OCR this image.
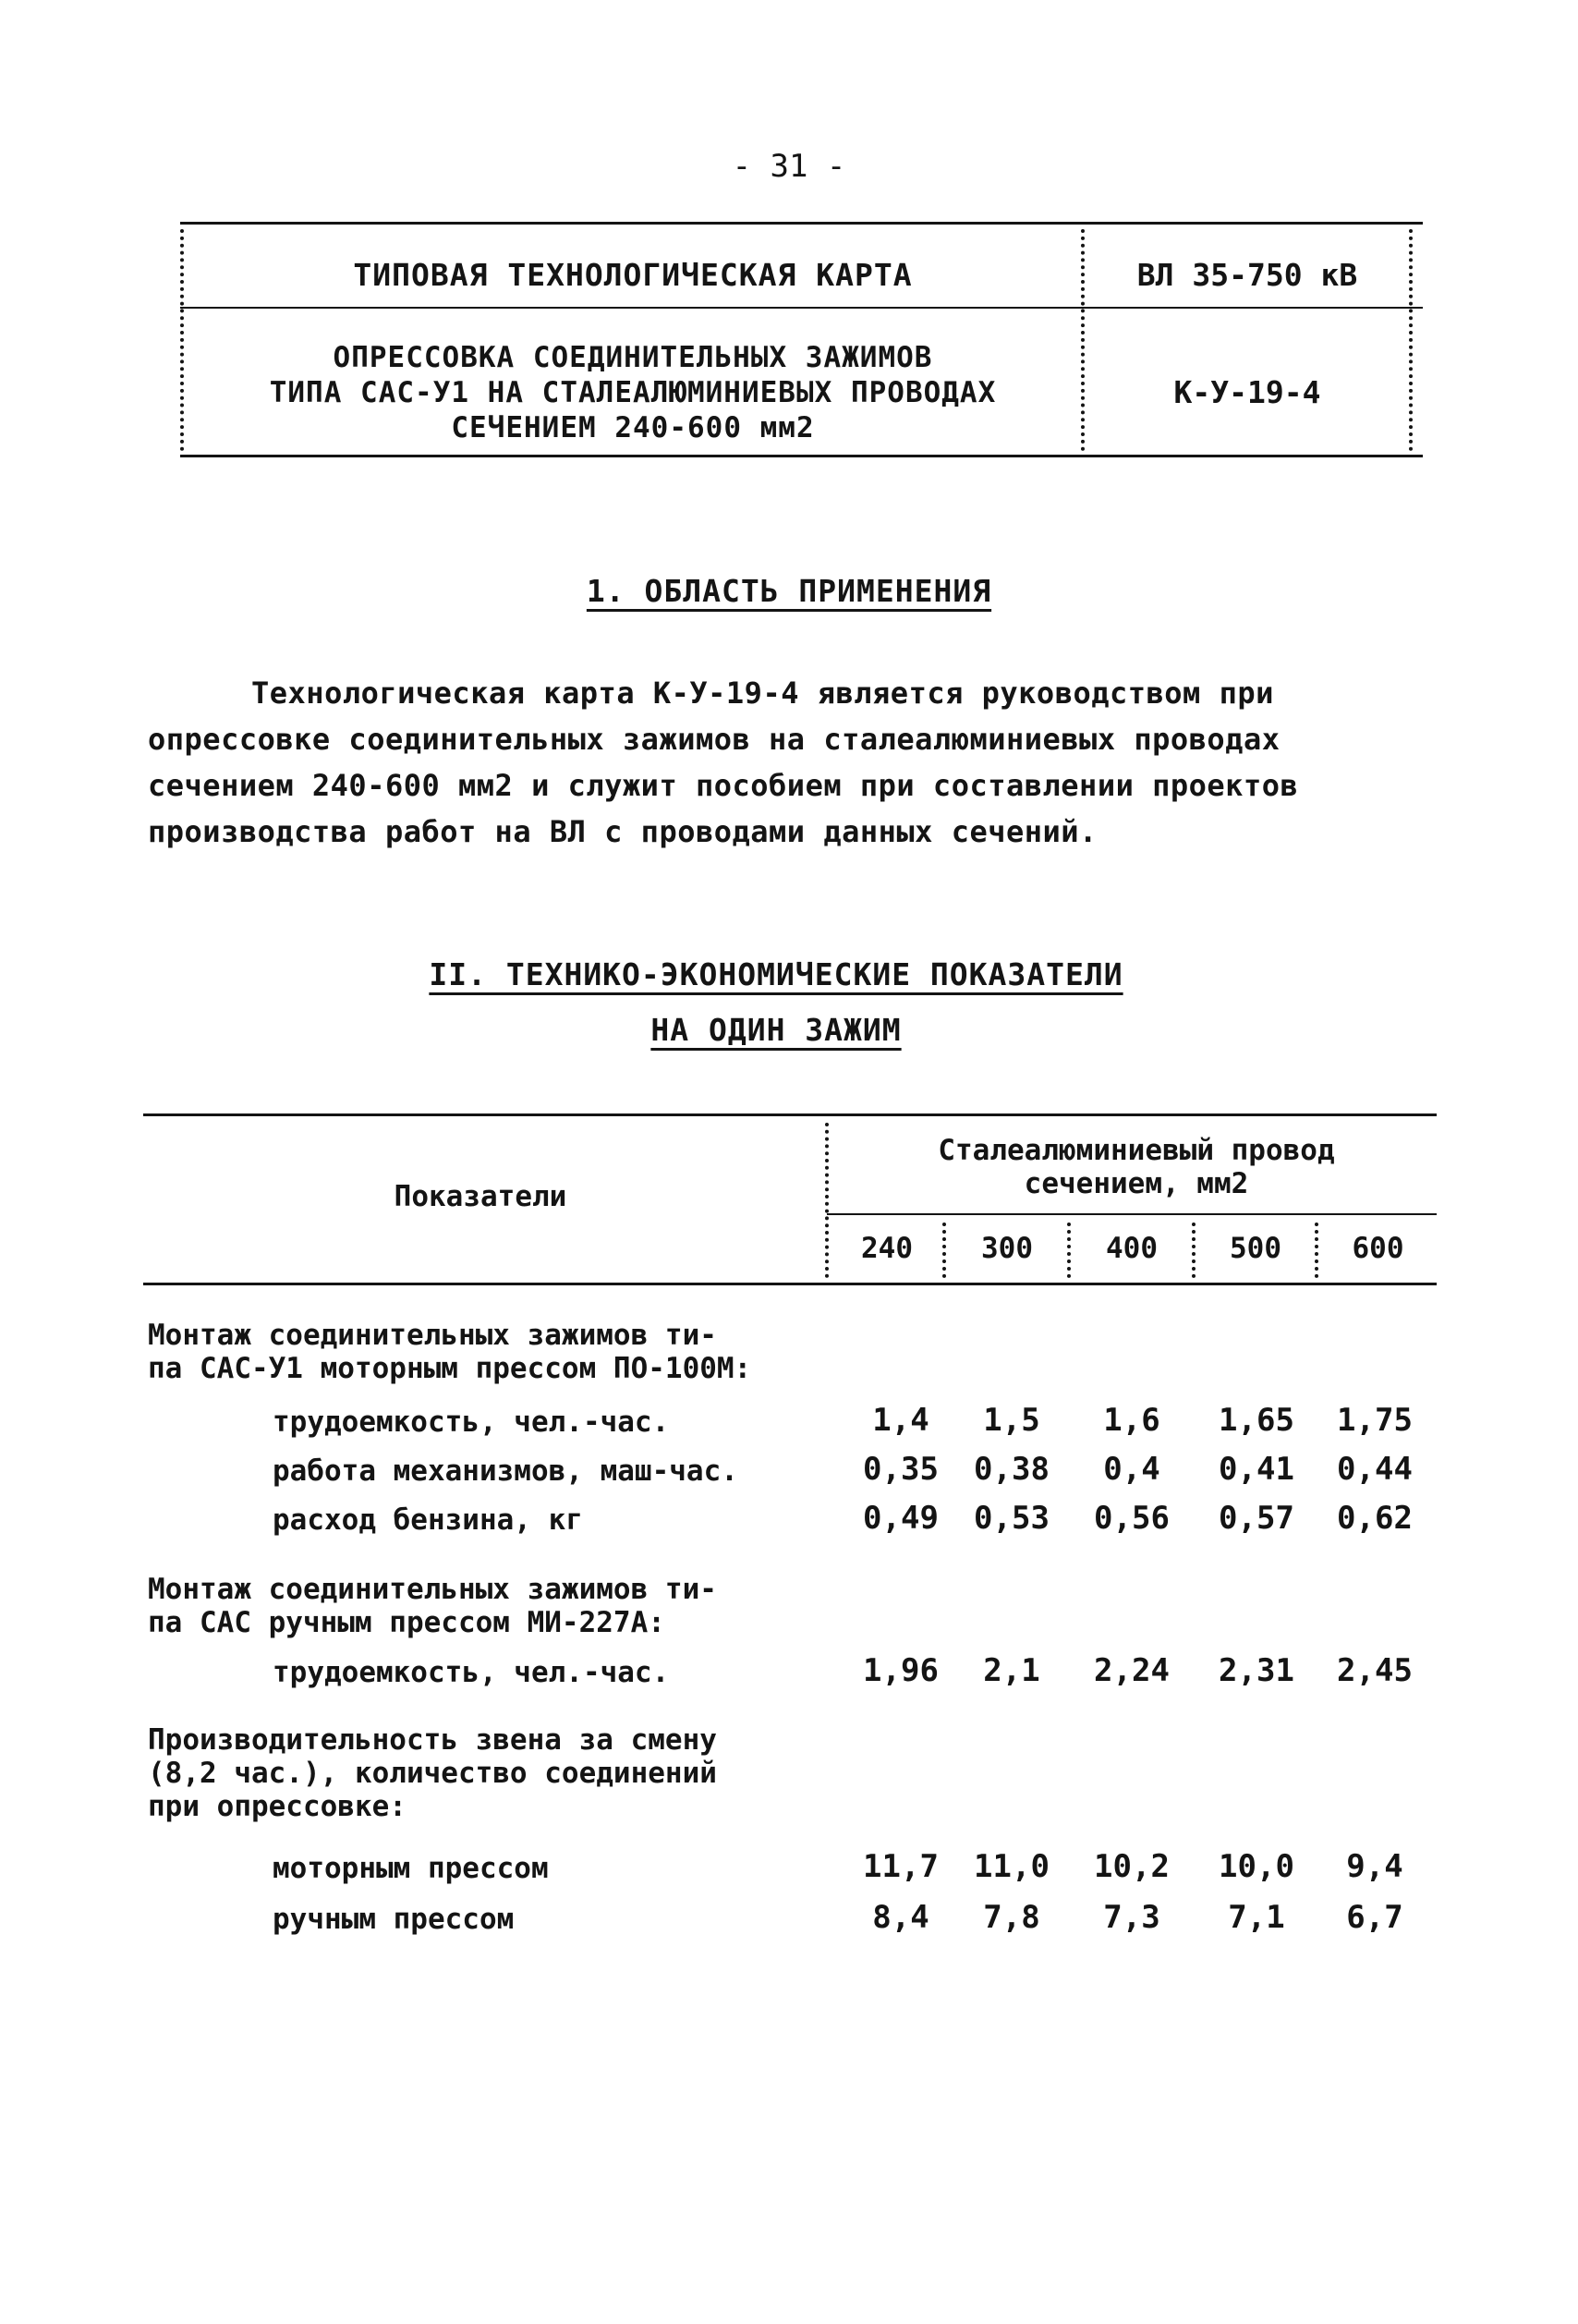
- 31 -
ТИПОВАЯ ТЕХНОЛОГИЧЕСКАЯ КАРТА	ВЛ 35-750 кВ
ОПРЕССОВКА СОЕДИНИТЕЛЬНЫХ ЗАЖИМОВ
ТИПА САС-У1 НА СТАЛЕАЛЮМИНИЕВЫХ ПРОВОДАХ
СЕЧЕНИЕМ 240-600 мм2
К-У-19-4
1. ОБЛАСТЬ ПРИМЕНЕНИЯ
Технологическая карта К-У-19-4 является руководством при
опрессовке соединительных зажимов на сталеалюминиевых проводах
сечением 240-600 мм2 и служит пособием при составлении проектов
производства работ на ВЛ с проводами данных сечений.
II. ТЕХНИКО-ЭКОНОМИЧЕСКИЕ ПОКАЗАТЕЛИ
НА ОДИН ЗАЖИМ
Показатели
Сталеалюминиевый провод
сечением, мм2
240	300	400	500	600
Монтаж соединительных зажимов ти-
па САС-У1 моторным прессом ПО-100М:
трудоемкость, чел.-час.	1,4	1,5	1,6	1,65	1,75
работа механизмов, маш-час.	0,35	0,38	0,4	0,41	0,44
расход бензина, кг	0,49	0,53	0,56	0,57	0,62
Монтаж соединительных зажимов ти-
па САС ручным прессом МИ-227А:
трудоемкость, чел.-час.	1,96	2,1	2,24	2,31	2,45
Производительность звена за смену
(8,2 час.), количество соединений
при опрессовке:
моторным прессом	11,7	11,0	10,2	10,0	9,4
ручным прессом	8,4	7,8	7,3	7,1	6,7
